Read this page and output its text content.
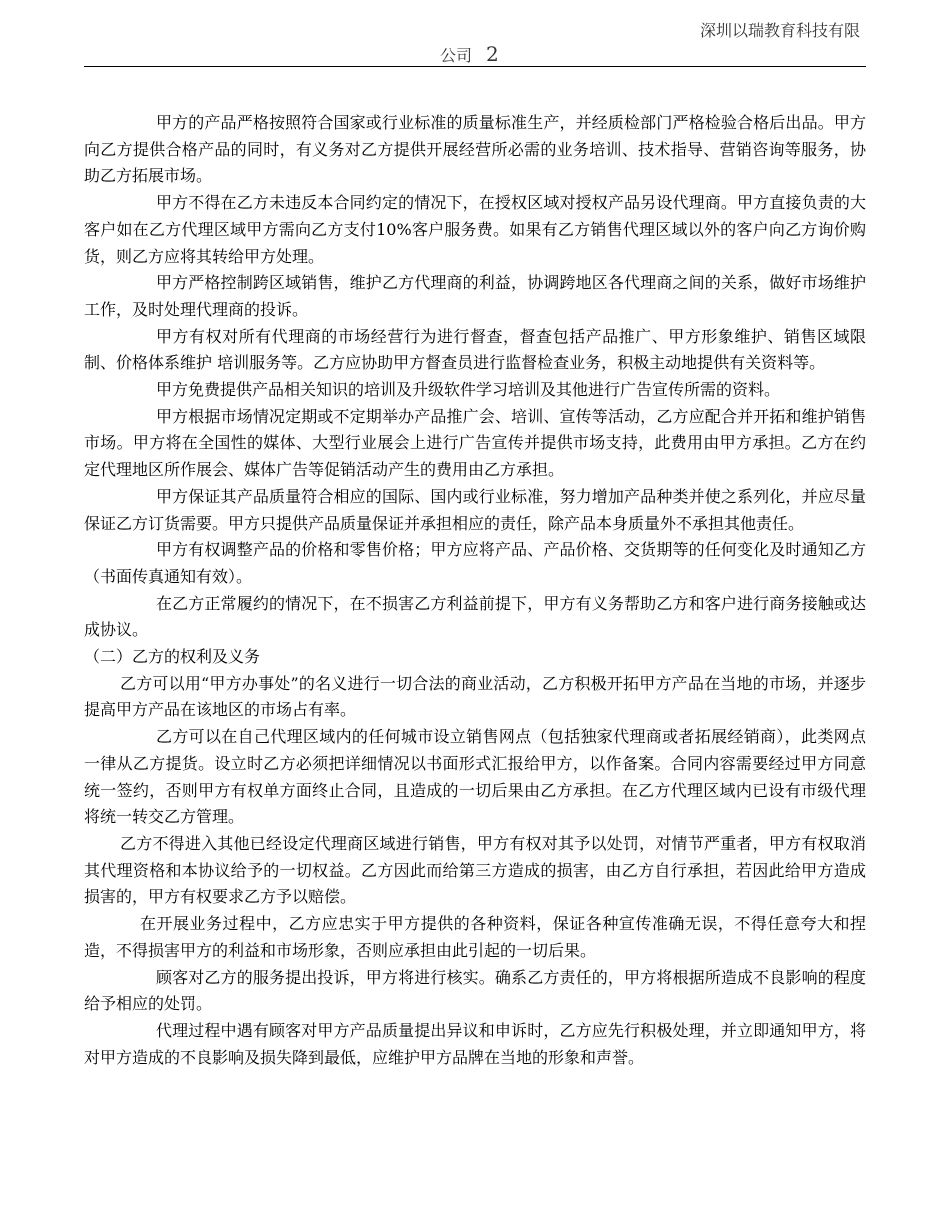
深圳以瑞教育科技有限
公司 2

甲方的产品严格按照符合国家或行业标准的质量标准生产，并经质检部门严格检验合格后出品。甲方向乙方提供合格产品的同时，有义务对乙方提供开展经营所必需的业务培训、技术指导、营销咨询等服务，协助乙方拓展市场。

甲方不得在乙方未违反本合同约定的情况下，在授权区域对授权产品另设代理商。甲方直接负责的大客户如在乙方代理区域甲方需向乙方支付10%客户服务费。如果有乙方销售代理区域以外的客户向乙方询价购货，则乙方应将其转给甲方处理。

甲方严格控制跨区域销售，维护乙方代理商的利益，协调跨地区各代理商之间的关系，做好市场维护工作，及时处理代理商的投诉。

甲方有权对所有代理商的市场经营行为进行督查，督查包括产品推广、甲方形象维护、销售区域限制、价格体系维护 培训服务等。乙方应协助甲方督查员进行监督检查业务，积极主动地提供有关资料等。

甲方免费提供产品相关知识的培训及升级软件学习培训及其他进行广告宣传所需的资料。

甲方根据市场情况定期或不定期举办产品推广会、培训、宣传等活动，乙方应配合并开拓和维护销售市场。甲方将在全国性的媒体、大型行业展会上进行广告宣传并提供市场支持，此费用由甲方承担。乙方在约定代理地区所作展会、媒体广告等促销活动产生的费用由乙方承担。

甲方保证其产品质量符合相应的国际、国内或行业标准，努力增加产品种类并使之系列化，并应尽量保证乙方订货需要。甲方只提供产品质量保证并承担相应的责任，除产品本身质量外不承担其他责任。

甲方有权调整产品的价格和零售价格；甲方应将产品、产品价格、交货期等的任何变化及时通知乙方（书面传真通知有效）。

在乙方正常履约的情况下，在不损害乙方利益前提下，甲方有义务帮助乙方和客户进行商务接触或达成协议。

（二）乙方的权利及义务

乙方可以用“甲方办事处”的名义进行一切合法的商业活动，乙方积极开拓甲方产品在当地的市场，并逐步提高甲方产品在该地区的市场占有率。

乙方可以在自己代理区域内的任何城市设立销售网点（包括独家代理商或者拓展经销商），此类网点一律从乙方提货。设立时乙方必须把详细情况以书面形式汇报给甲方，以作备案。合同内容需要经过甲方同意统一签约，否则甲方有权单方面终止合同，且造成的一切后果由乙方承担。在乙方代理区域内已设有市级代理将统一转交乙方管理。

乙方不得进入其他已经设定代理商区域进行销售，甲方有权对其予以处罚，对情节严重者，甲方有权取消其代理资格和本协议给予的一切权益。乙方因此而给第三方造成的损害，由乙方自行承担，若因此给甲方造成损害的，甲方有权要求乙方予以赔偿。

在开展业务过程中，乙方应忠实于甲方提供的各种资料，保证各种宣传准确无误，不得任意夸大和捏造，不得损害甲方的利益和市场形象，否则应承担由此引起的一切后果。

顾客对乙方的服务提出投诉，甲方将进行核实。确系乙方责任的，甲方将根据所造成不良影响的程度给予相应的处罚。

代理过程中遇有顾客对甲方产品质量提出异议和申诉时，乙方应先行积极处理，并立即通知甲方，将对甲方造成的不良影响及损失降到最低，应维护甲方品牌在当地的形象和声誉。
